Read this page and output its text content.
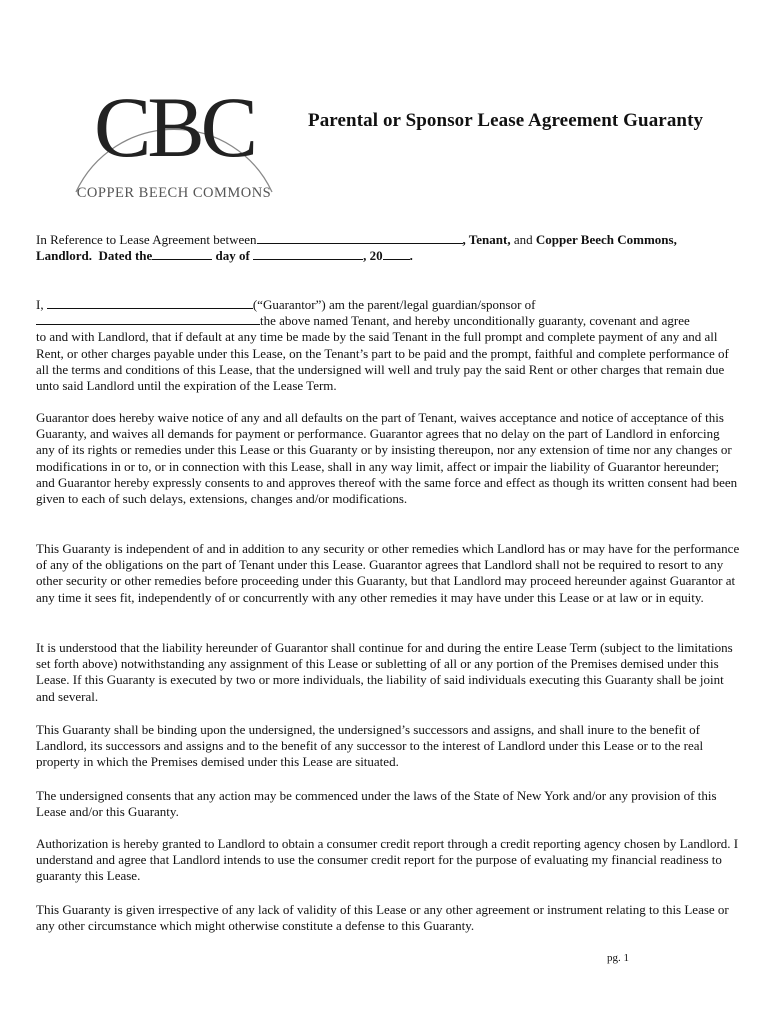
CBC
COPPER BEECH COMMONS
Parental or Sponsor Lease Agreement Guaranty
In Reference to Lease Agreement between	, Tenant, and Copper Beech Commons,
Landlord. Dated the	day of	, 20 .
I,	(“Guarantor”) am the parent/legal guardian/sponsor of
the above named Tenant, and hereby unconditionally guaranty, covenant and agree
to and with Landlord, that if default at any time be made by the said Tenant in the full prompt and complete payment of any and all Rent, or other charges payable under this Lease, on the Tenant’s part to be paid and the prompt, faithful and complete performance of all the terms and conditions of this Lease, that the undersigned will well and truly pay the said Rent or other charges that remain due unto said Landlord until the expiration of the Lease Term.

Guarantor does hereby waive notice of any and all defaults on the part of Tenant, waives acceptance and notice of acceptance of this Guaranty, and waives all demands for payment or performance. Guarantor agrees that no delay on the part of Landlord in enforcing any of its rights or remedies under this Lease or this Guaranty or by insisting thereupon, nor any extension of time nor any changes or modifications in or to, or in connection with this Lease, shall in any way limit, affect or impair the liability of Guarantor hereunder; and Guarantor hereby expressly consents to and approves thereof with the same force and effect as though its written consent had been given to each of such delays, extensions, changes and/or modifications.

This Guaranty is independent of and in addition to any security or other remedies which Landlord has or may have for the performance of any of the obligations on the part of Tenant under this Lease. Guarantor agrees that Landlord shall not be required to resort to any other security or other remedies before proceeding under this Guaranty, but that Landlord may proceed hereunder against Guarantor at any time it sees fit, independently of or concurrently with any other remedies it may have under this Lease or at law or in equity.

It is understood that the liability hereunder of Guarantor shall continue for and during the entire Lease Term (subject to the limitations set forth above) notwithstanding any assignment of this Lease or subletting of all or any portion of the Premises demised under this Lease. If this Guaranty is executed by two or more individuals, the liability of said individuals executing this Guaranty shall be joint and several.

This Guaranty shall be binding upon the undersigned, the undersigned’s successors and assigns, and shall inure to the benefit of Landlord, its successors and assigns and to the benefit of any successor to the interest of Landlord under this Lease or to the real property in which the Premises demised under this Lease are situated.

The undersigned consents that any action may be commenced under the laws of the State of New York and/or any provision of this Lease and/or this Guaranty.

Authorization is hereby granted to Landlord to obtain a consumer credit report through a credit reporting agency chosen by Landlord. I understand and agree that Landlord intends to use the consumer credit report for the purpose of evaluating my financial readiness to guaranty this Lease.

This Guaranty is given irrespective of any lack of validity of this Lease or any other agreement or instrument relating to this Lease or any other circumstance which might otherwise constitute a defense to this Guaranty.

pg. 1
